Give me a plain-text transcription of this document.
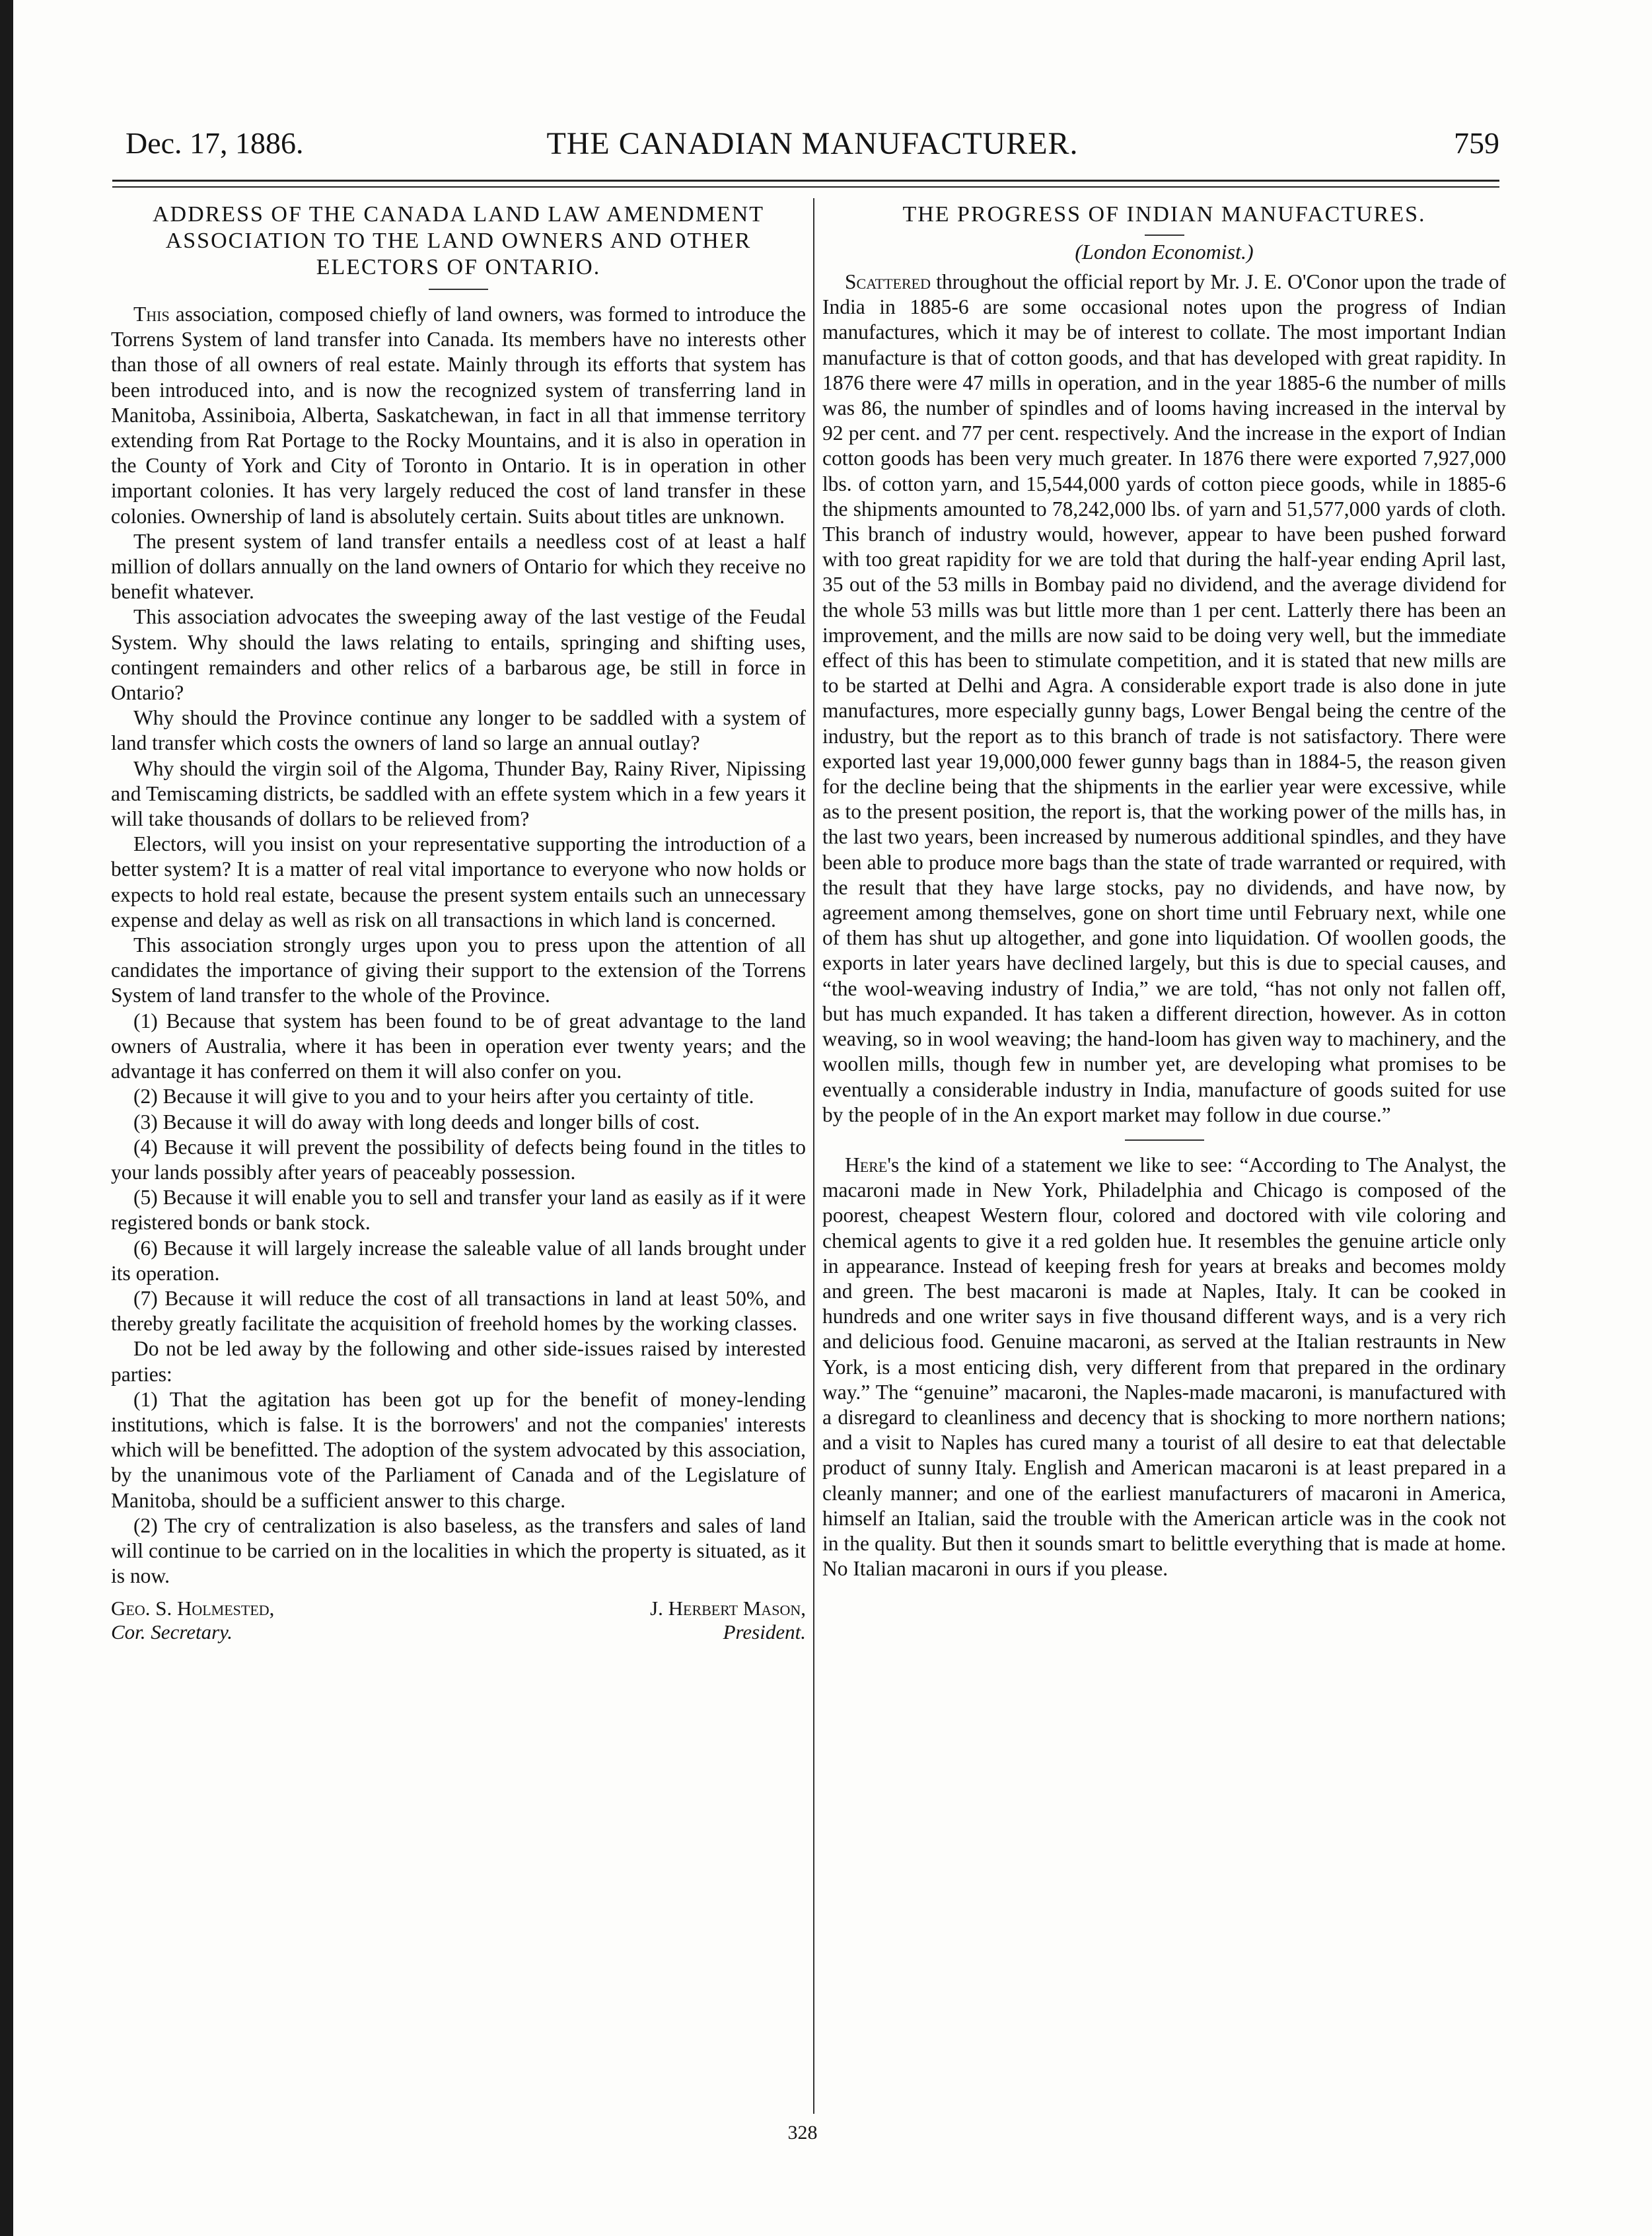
Dec. 17, 1886.	THE CANADIAN MANUFACTURER.	759
ADDRESS OF THE CANADA LAND LAW AMENDMENT ASSOCIATION TO THE LAND OWNERS AND OTHER ELECTORS OF ONTARIO.

This association, composed chiefly of land owners, was formed to introduce the Torrens System of land transfer into Canada. Its members have no interests other than those of all owners of real estate. Mainly through its efforts that system has been introduced into, and is now the recognized system of transferring land in Manitoba, Assiniboia, Alberta, Saskatchewan, in fact in all that immense territory extending from Rat Portage to the Rocky Mountains, and it is also in operation in the County of York and City of Toronto in Ontario. It is in operation in other important colonies. It has very largely reduced the cost of land transfer in these colonies. Ownership of land is absolutely certain. Suits about titles are unknown.

The present system of land transfer entails a needless cost of at least a half million of dollars annually on the land owners of Ontario for which they receive no benefit whatever.

This association advocates the sweeping away of the last vestige of the Feudal System. Why should the laws relating to entails, springing and shifting uses, contingent remainders and other relics of a barbarous age, be still in force in Ontario?

Why should the Province continue any longer to be saddled with a system of land transfer which costs the owners of land so large an annual outlay?

Why should the virgin soil of the Algoma, Thunder Bay, Rainy River, Nipissing and Temiscaming districts, be saddled with an effete system which in a few years it will take thousands of dollars to be relieved from?

Electors, will you insist on your representative supporting the introduction of a better system? It is a matter of real vital importance to everyone who now holds or expects to hold real estate, because the present system entails such an unnecessary expense and delay as well as risk on all transactions in which land is concerned.

This association strongly urges upon you to press upon the attention of all candidates the importance of giving their support to the extension of the Torrens System of land transfer to the whole of the Province.

(1) Because that system has been found to be of great advantage to the land owners of Australia, where it has been in operation ever twenty years; and the advantage it has conferred on them it will also confer on you.

(2) Because it will give to you and to your heirs after you certainty of title.

(3) Because it will do away with long deeds and longer bills of cost.

(4) Because it will prevent the possibility of defects being found in the titles to your lands possibly after years of peaceably possession.

(5) Because it will enable you to sell and transfer your land as easily as if it were registered bonds or bank stock.

(6) Because it will largely increase the saleable value of all lands brought under its operation.

(7) Because it will reduce the cost of all transactions in land at least 50%, and thereby greatly facilitate the acquisition of freehold homes by the working classes.

Do not be led away by the following and other side-issues raised by interested parties:

(1) That the agitation has been got up for the benefit of money-lending institutions, which is false. It is the borrowers' and not the companies' interests which will be benefitted. The adoption of the system advocated by this association, by the unanimous vote of the Parliament of Canada and of the Legislature of Manitoba, should be a sufficient answer to this charge.

(2) The cry of centralization is also baseless, as the transfers and sales of land will continue to be carried on in the localities in which the property is situated, as it is now.

Geo. S. Holmested,
Cor. Secretary.
J. Herbert Mason,
President.
THE PROGRESS OF INDIAN MANUFACTURES.
(London Economist.)

Scattered throughout the official report by Mr. J. E. O'Conor upon the trade of India in 1885-6 are some occasional notes upon the progress of Indian manufactures, which it may be of interest to collate. The most important Indian manufacture is that of cotton goods, and that has developed with great rapidity. In 1876 there were 47 mills in operation, and in the year 1885-6 the number of mills was 86, the number of spindles and of looms having increased in the interval by 92 per cent. and 77 per cent. respectively. And the increase in the export of Indian cotton goods has been very much greater. In 1876 there were exported 7,927,000 lbs. of cotton yarn, and 15,544,000 yards of cotton piece goods, while in 1885-6 the shipments amounted to 78,242,000 lbs. of yarn and 51,577,000 yards of cloth. This branch of industry would, however, appear to have been pushed forward with too great rapidity for we are told that during the half-year ending April last, 35 out of the 53 mills in Bombay paid no dividend, and the average dividend for the whole 53 mills was but little more than 1 per cent. Latterly there has been an improvement, and the mills are now said to be doing very well, but the immediate effect of this has been to stimulate competition, and it is stated that new mills are to be started at Delhi and Agra. A considerable export trade is also done in jute manufactures, more especially gunny bags, Lower Bengal being the centre of the industry, but the report as to this branch of trade is not satisfactory. There were exported last year 19,000,000 fewer gunny bags than in 1884-5, the reason given for the decline being that the shipments in the earlier year were excessive, while as to the present position, the report is, that the working power of the mills has, in the last two years, been increased by numerous additional spindles, and they have been able to produce more bags than the state of trade warranted or required, with the result that they have large stocks, pay no dividends, and have now, by agreement among themselves, gone on short time until February next, while one of them has shut up altogether, and gone into liquidation. Of woollen goods, the exports in later years have declined largely, but this is due to special causes, and “the wool-weaving industry of India,” we are told, “has not only not fallen off, but has much expanded. It has taken a different direction, however. As in cotton weaving, so in wool weaving; the hand-loom has given way to machinery, and the woollen mills, though few in number yet, are developing what promises to be eventually a considerable industry in India, manufacture of goods suited for use by the people of in the An export market may follow in due course.”

Here's the kind of a statement we like to see: “According to The Analyst, the macaroni made in New York, Philadelphia and Chicago is composed of the poorest, cheapest Western flour, colored and doctored with vile coloring and chemical agents to give it a red golden hue. It resembles the genuine article only in appearance. Instead of keeping fresh for years at breaks and becomes moldy and green. The best macaroni is made at Naples, Italy. It can be cooked in hundreds and one writer says in five thousand different ways, and is a very rich and delicious food. Genuine macaroni, as served at the Italian restraunts in New York, is a most enticing dish, very different from that prepared in the ordinary way.” The “genuine” macaroni, the Naples-made macaroni, is manufactured with a disregard to cleanliness and decency that is shocking to more northern nations; and a visit to Naples has cured many a tourist of all desire to eat that delectable product of sunny Italy. English and American macaroni is at least prepared in a cleanly manner; and one of the earliest manufacturers of macaroni in America, himself an Italian, said the trouble with the American article was in the cook not in the quality. But then it sounds smart to belittle everything that is made at home. No Italian macaroni in ours if you please.

328
